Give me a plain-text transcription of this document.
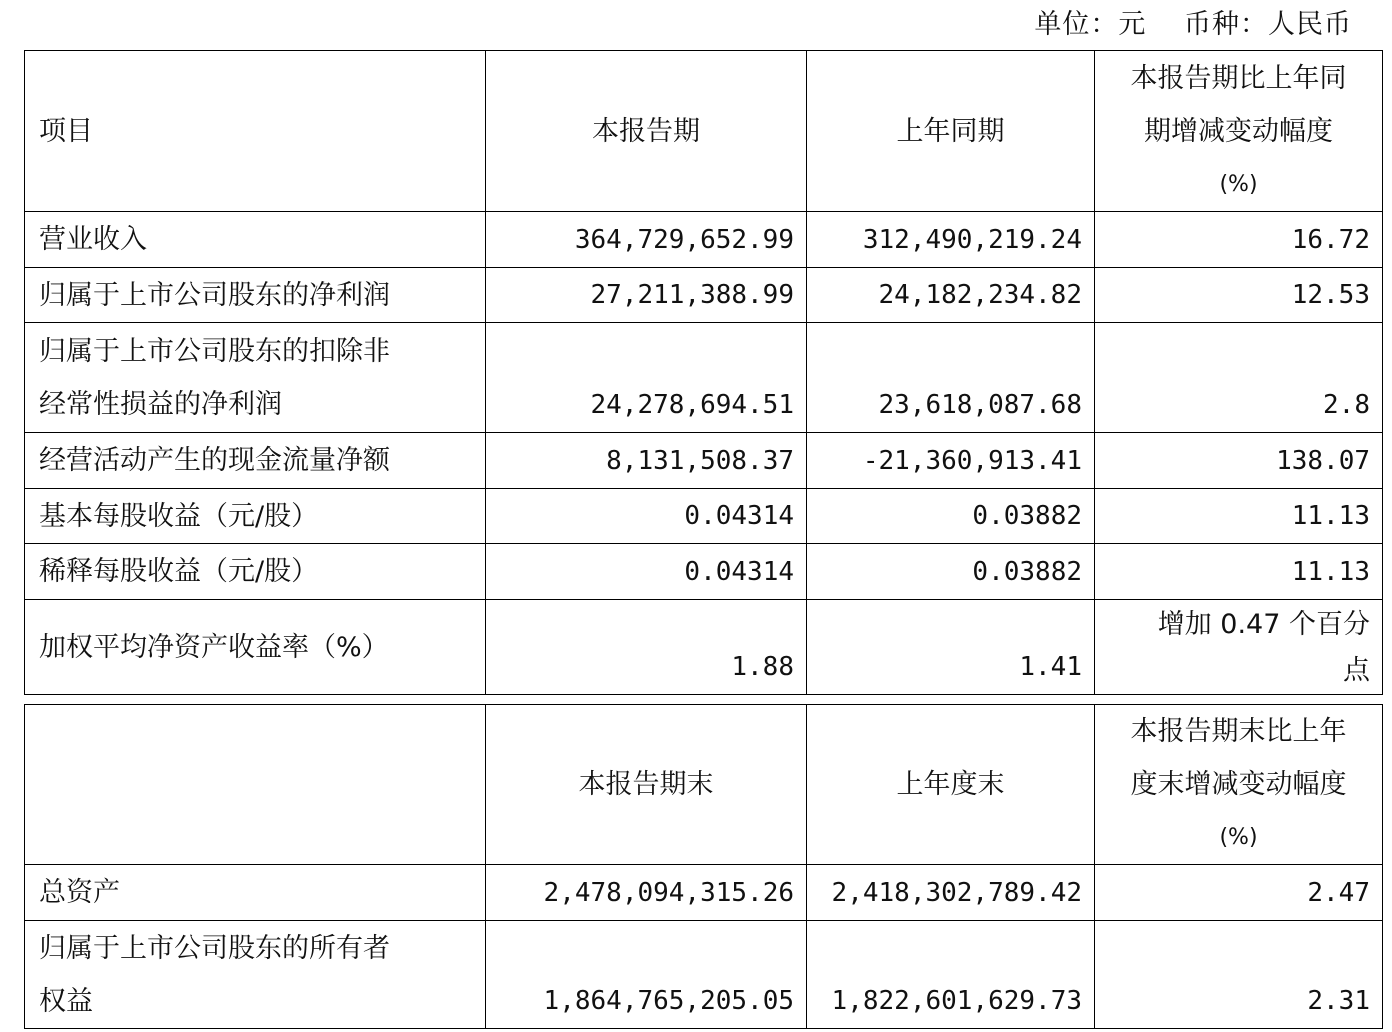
单位：元　 币种：人民币
项目	本报告期	上年同期	本报告期比上年同
期增减变动幅度
(%)

营业收入	364,729,652.99	312,490,219.24	16.72
归属于上市公司股东的净利润	27,211,388.99	24,182,234.82	12.53

归属于上市公司股东的扣除非
经常性损益的净利润	24,278,694.51	23,618,087.68	2.8
经营活动产生的现金流量净额	8,131,508.37	-21,360,913.41	138.07
基本每股收益（元/股）	0.04314	0.03882	11.13
稀释每股收益（元/股）	0.04314	0.03882	11.13
加权平均净资产收益率（%）	1.88	1.41	增加 0.47 个百分
点
	本报告期末	上年度末	本报告期末比上年
度末增减变动幅度
(%)

总资产	2,478,094,315.26	2,418,302,789.42	2.47

归属于上市公司股东的所有者
权益	1,864,765,205.05	1,822,601,629.73	2.31
